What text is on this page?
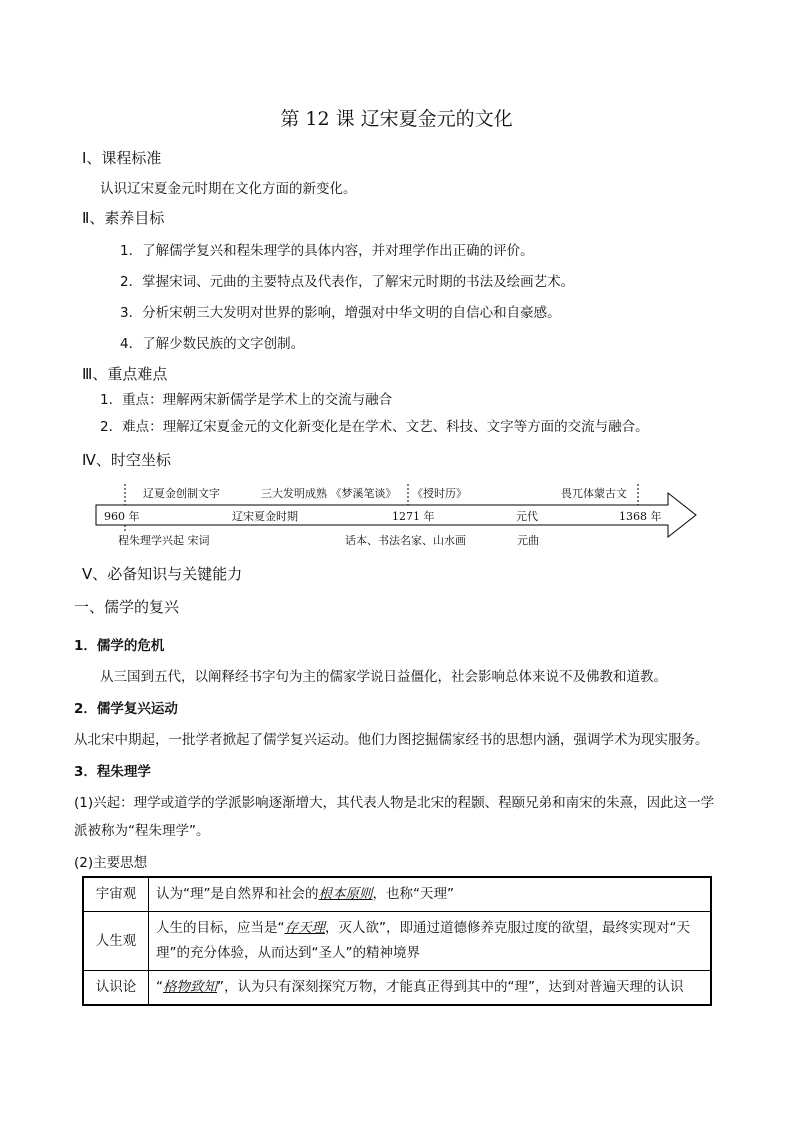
第 12 课 辽宋夏金元的文化
Ⅰ、课程标准
认识辽宋夏金元时期在文化方面的新变化。
Ⅱ、素养目标
1．了解儒学复兴和程朱理学的具体内容，并对理学作出正确的评价。
2．掌握宋词、元曲的主要特点及代表作，了解宋元时期的书法及绘画艺术。
3．分析宋朝三大发明对世界的影响，增强对中华文明的自信心和自豪感。
4．了解少数民族的文字创制。
Ⅲ、重点难点
1．重点：理解两宋新儒学是学术上的交流与融合
2．难点：理解辽宋夏金元的文化新变化是在学术、文艺、科技、文字等方面的交流与融合。
Ⅳ、时空坐标
辽夏金创制文字	三大发明成熟 《梦溪笔谈》 《授时历》	畏兀体蒙古文
960 年	辽宋夏金时期	1271 年	元代	1368 年
程朱理学兴起 宋词	话本、书法名家、山水画	元曲
Ⅴ、必备知识与关键能力
一、儒学的复兴
1．儒学的危机
从三国到五代，以阐释经书字句为主的儒家学说日益僵化，社会影响总体来说不及佛教和道教。
2．儒学复兴运动
从北宋中期起，一批学者掀起了儒学复兴运动。他们力图挖掘儒家经书的思想内涵，强调学术为现实服务。
3．程朱理学
(1)兴起：理学或道学的学派影响逐渐增大，其代表人物是北宋的程颢、程颐兄弟和南宋的朱熹，因此这一学派被称为“程朱理学”。
(2)主要思想
宇宙观	认为“理”是自然界和社会的根本原则，也称“天理”
人生观	人生的目标，应当是“存天理，灭人欲”，即通过道德修养克服过度的欲望，最终实现对“天理”的充分体验，从而达到“圣人”的精神境界
认识论	“格物致知”，认为只有深刻探究万物，才能真正得到其中的“理”，达到对普遍天理的认识
